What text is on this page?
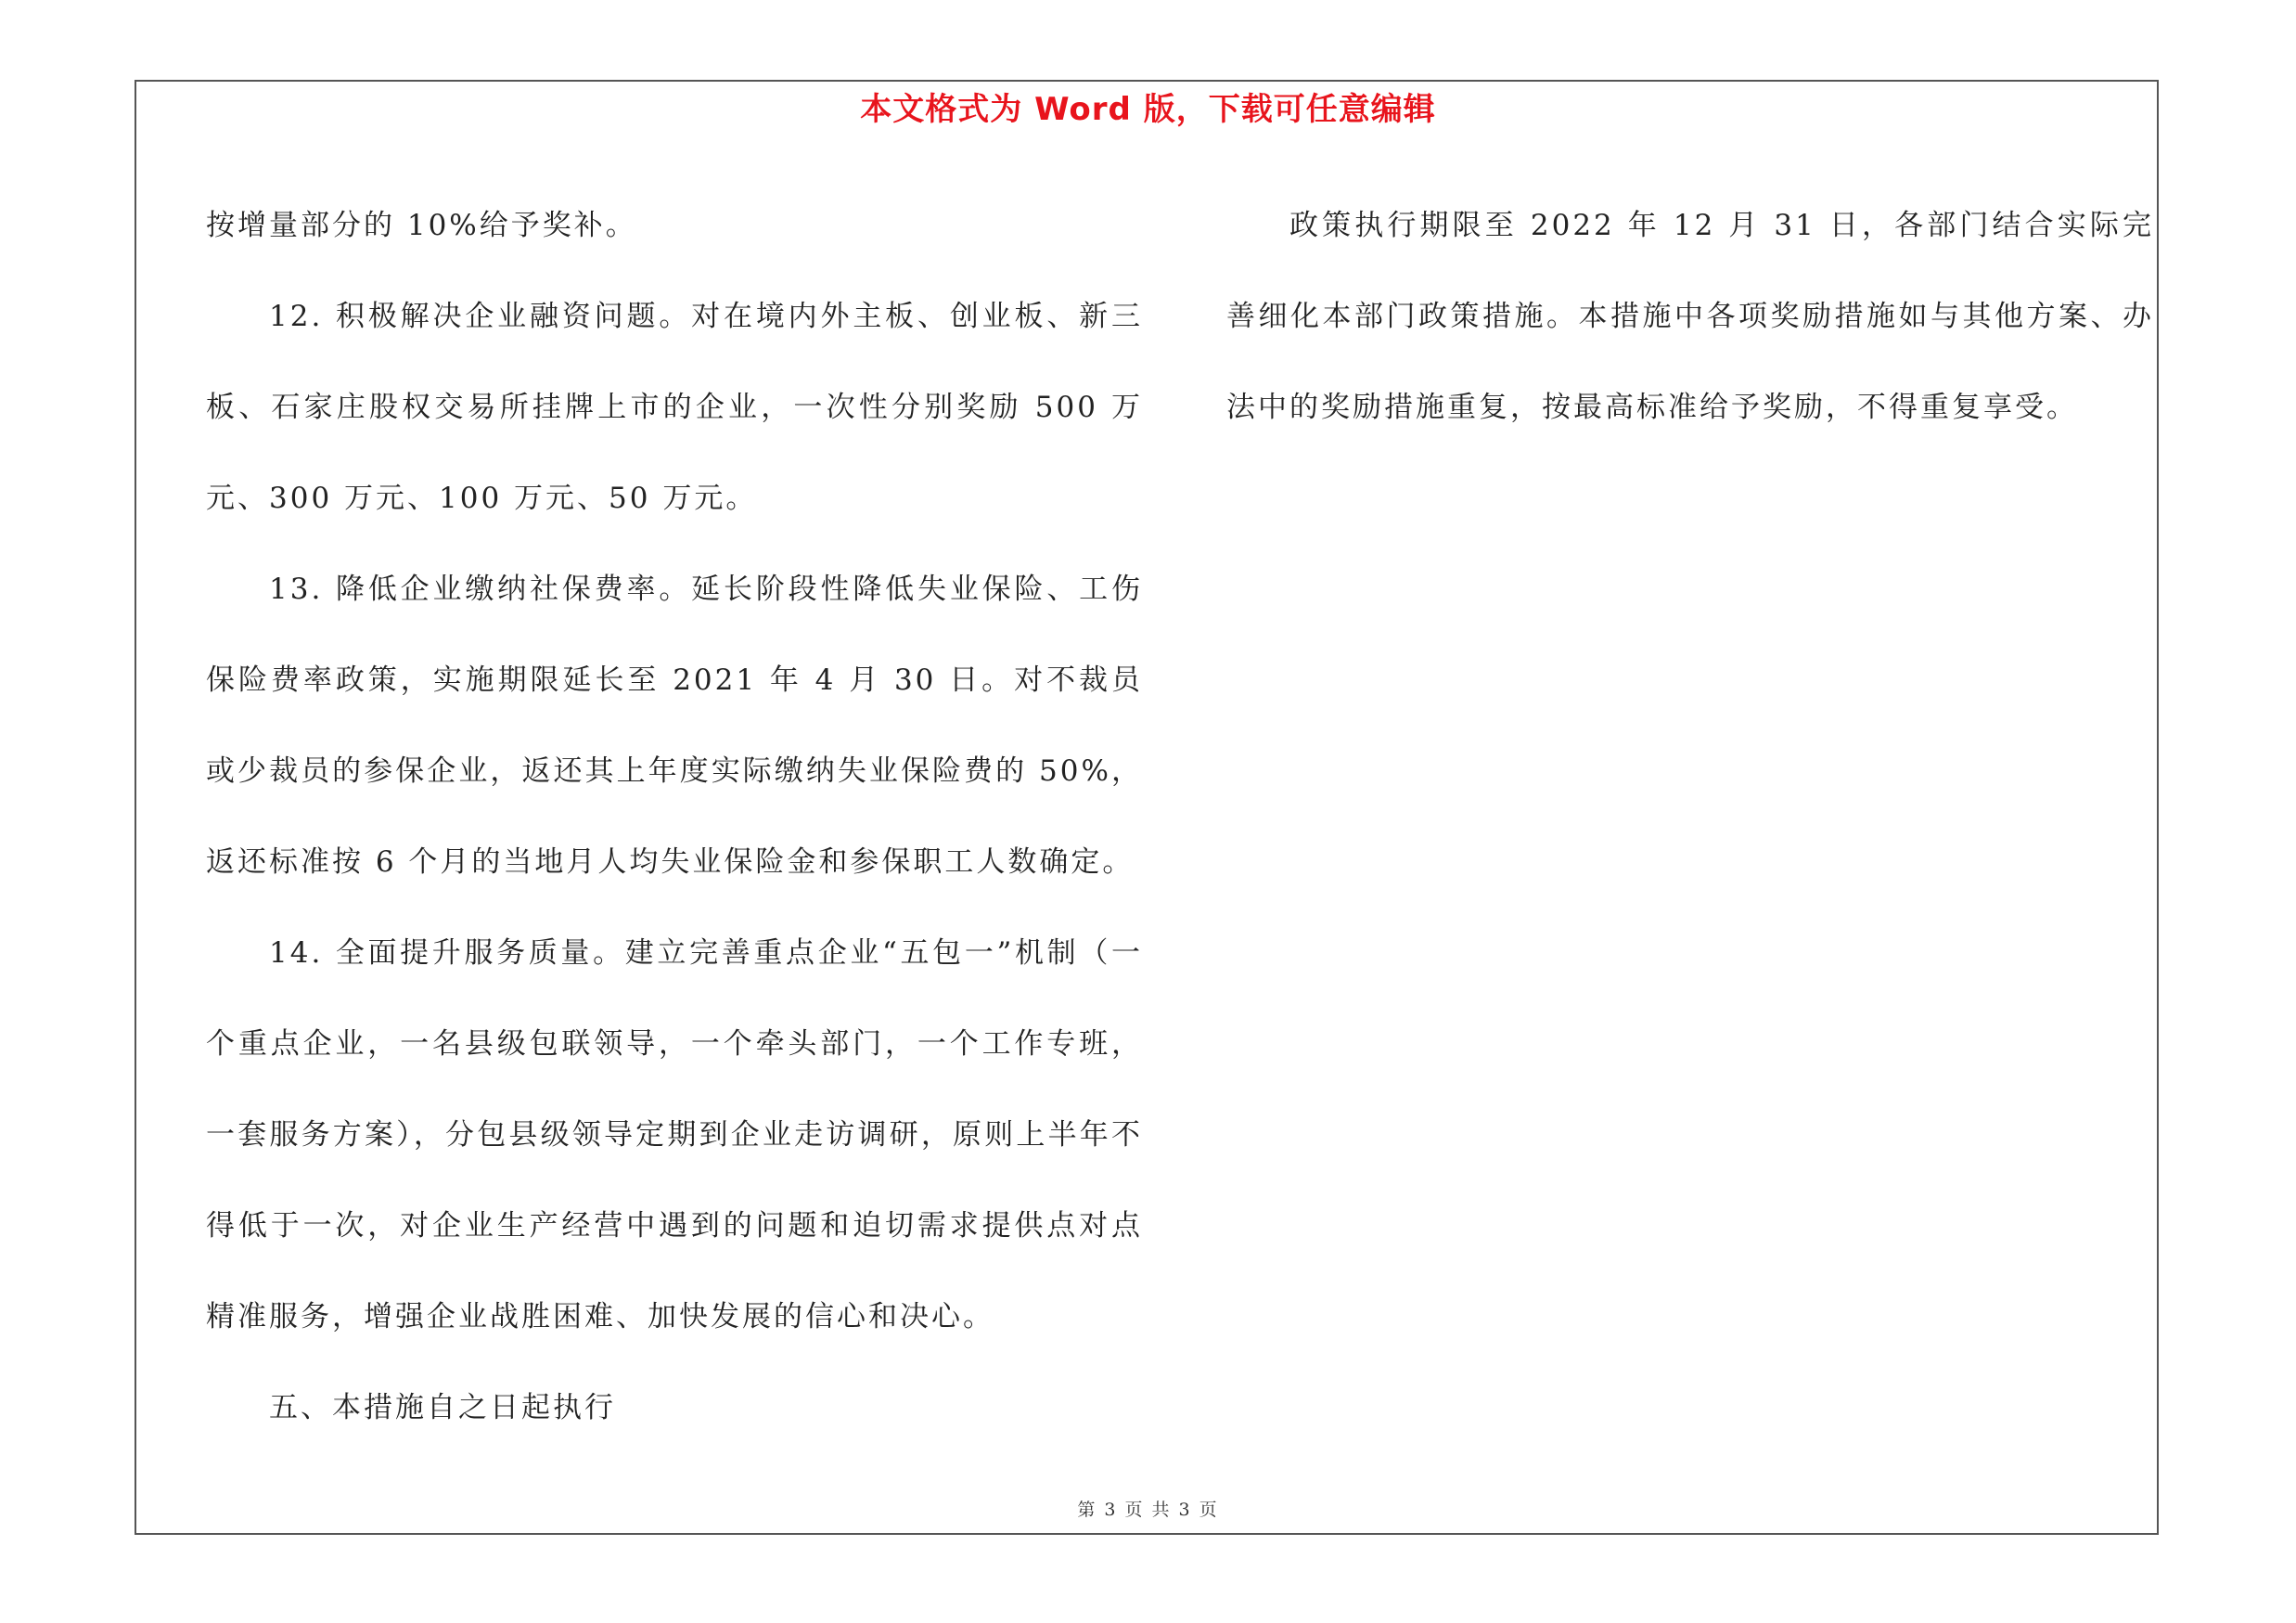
本文格式为 Word 版，下载可任意编辑

按增量部分的 10%给予奖补。

12. 积极解决企业融资问题。对在境内外主板、创业板、新三板、石家庄股权交易所挂牌上市的企业，一次性分别奖励 500 万元、300 万元、100 万元、50 万元。

13. 降低企业缴纳社保费率。延长阶段性降低失业保险、工伤保险费率政策，实施期限延长至 2021 年 4 月 30 日。对不裁员或少裁员的参保企业，返还其上年度实际缴纳失业保险费的 50%，返还标准按 6 个月的当地月人均失业保险金和参保职工人数确定。

14. 全面提升服务质量。建立完善重点企业“五包一”机制（一个重点企业，一名县级包联领导，一个牵头部门，一个工作专班，一套服务方案），分包县级领导定期到企业走访调研，原则上半年不得低于一次，对企业生产经营中遇到的问题和迫切需求提供点对点精准服务，增强企业战胜困难、加快发展的信心和决心。

五、本措施自之日起执行

政策执行期限至 2022 年 12 月 31 日，各部门结合实际完善细化本部门政策措施。本措施中各项奖励措施如与其他方案、办法中的奖励措施重复，按最高标准给予奖励，不得重复享受。

第 3 页 共 3 页
